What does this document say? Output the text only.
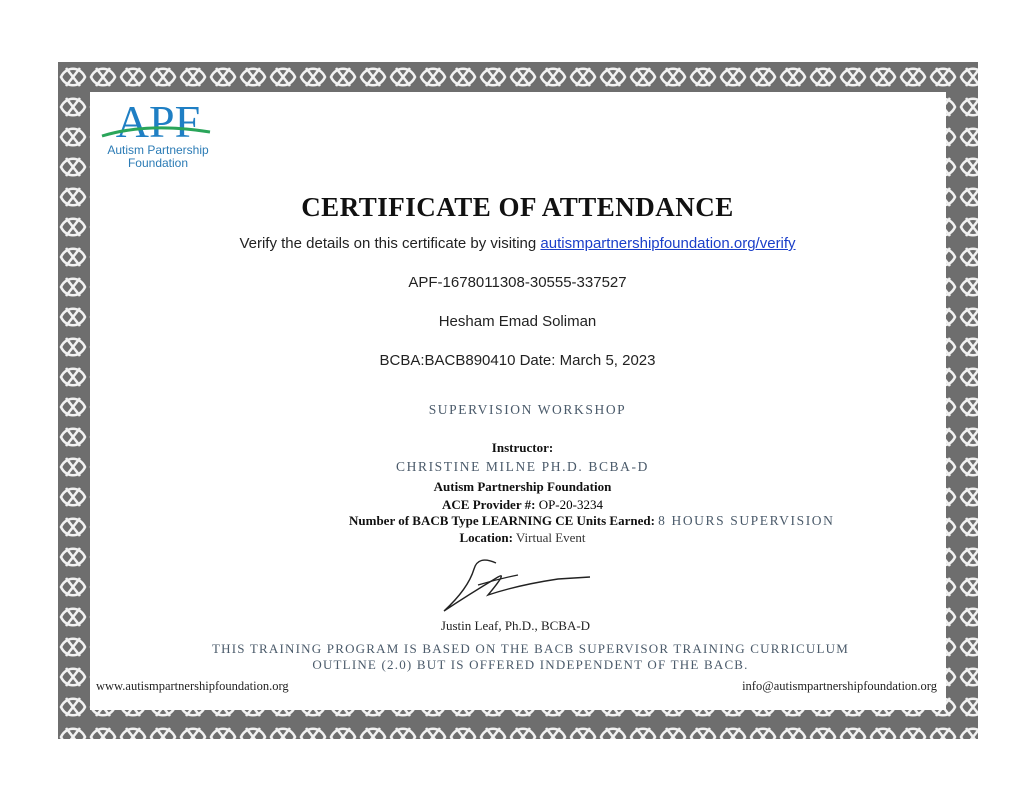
APF
Autism Partnership
Foundation
CERTIFICATE OF ATTENDANCE
Verify the details on this certificate by visiting autismpartnershipfoundation.org/verify
APF-1678011308-30555-337527
Hesham Emad Soliman
BCBA:BACB890410 Date: March 5, 2023
SUPERVISION WORKSHOP
Instructor:
CHRISTINE MILNE PH.D. BCBA-D
Autism Partnership Foundation
ACE Provider #: OP-20-3234
Number of BACB Type LEARNING CE Units Earned: 8 HOURS SUPERVISION
Location: Virtual Event
Justin Leaf, Ph.D., BCBA-D
THIS TRAINING PROGRAM IS BASED ON THE BACB SUPERVISOR TRAINING CURRICULUM
OUTLINE (2.0) BUT IS OFFERED INDEPENDENT OF THE BACB.
www.autismpartnershipfoundation.org	info@autismpartnershipfoundation.org
